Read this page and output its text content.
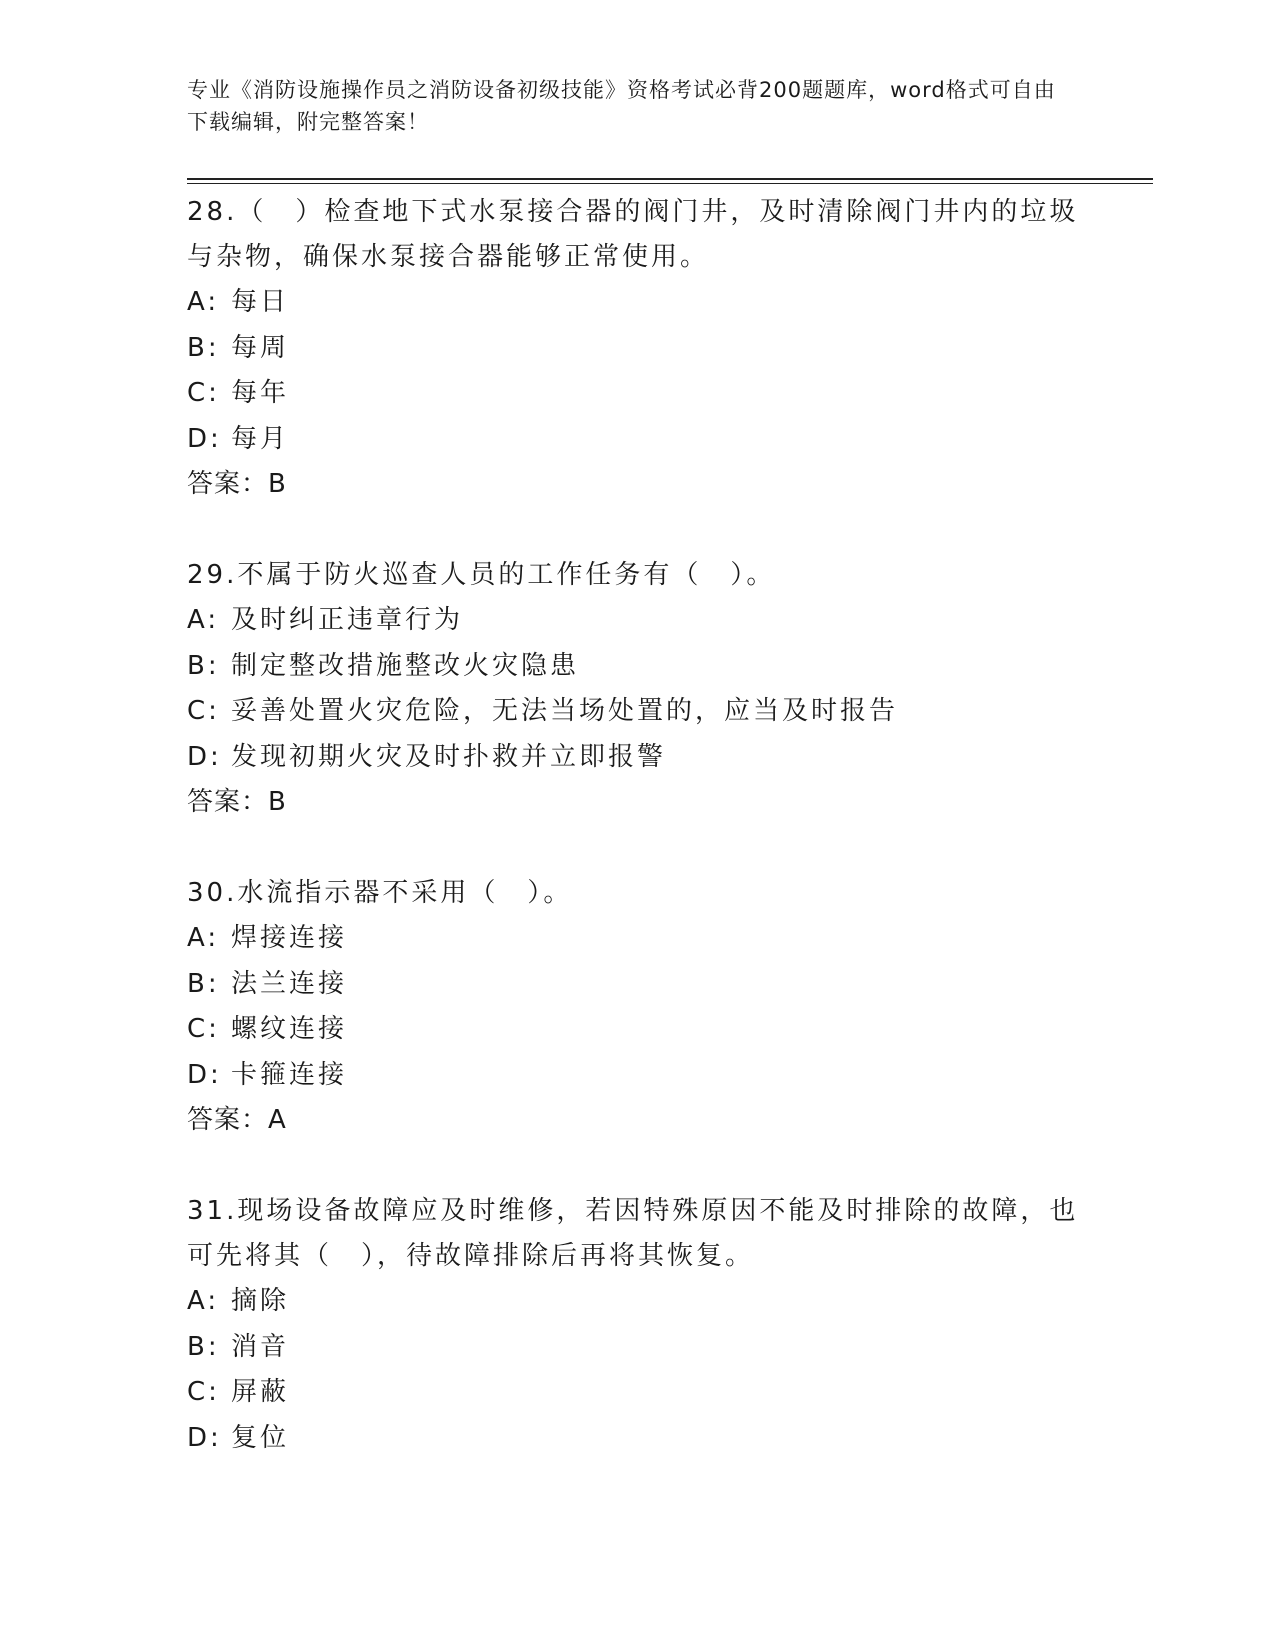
专业《消防设施操作员之消防设备初级技能》资格考试必背200题题库，word格式可自由下载编辑，附完整答案！
28.（　）检查地下式水泵接合器的阀门井，及时清除阀门井内的垃圾与杂物，确保水泵接合器能够正常使用。
A: 每日
B: 每周
C: 每年
D: 每月
答案：B
29.不属于防火巡查人员的工作任务有（　）。
A: 及时纠正违章行为
B: 制定整改措施整改火灾隐患
C: 妥善处置火灾危险，无法当场处置的，应当及时报告
D: 发现初期火灾及时扑救并立即报警
答案：B
30.水流指示器不采用（　）。
A: 焊接连接
B: 法兰连接
C: 螺纹连接
D: 卡箍连接
答案：A
31.现场设备故障应及时维修，若因特殊原因不能及时排除的故障，也可先将其（　），待故障排除后再将其恢复。
A: 摘除
B: 消音
C: 屏蔽
D: 复位
